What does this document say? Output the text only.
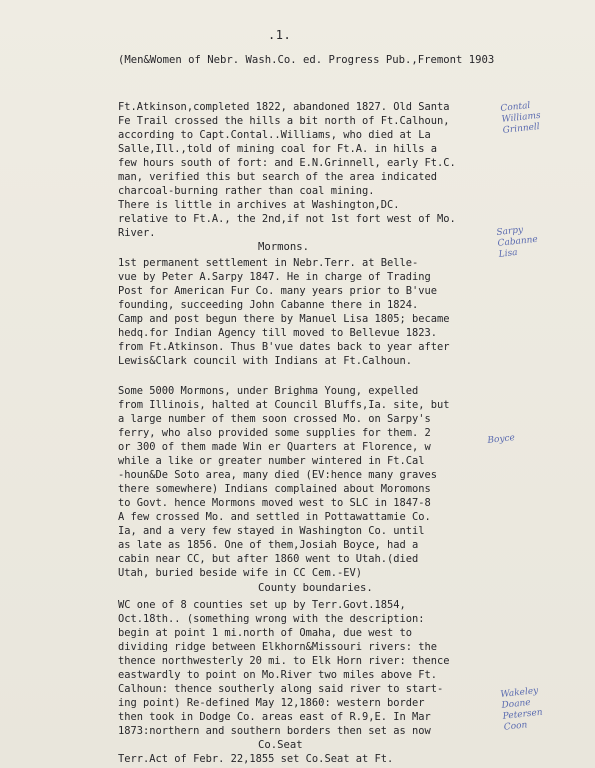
.1.
(Men&Women of Nebr. Wash.Co. ed. Progress Pub.,Fremont 1903
Ft.Atkinson,completed 1822, abandoned 1827. Old Santa
Fe Trail crossed the hills a bit north of Ft.Calhoun,
according to Capt.Contal..Williams, who died at La
Salle,Ill.,told of mining coal for Ft.A. in hills a
few hours south of fort: and E.N.Grinnell, early Ft.C.
man, verified this but search of the area indicated
charcoal-burning rather than coal mining.
There is little in archives at Washington,DC.
relative to Ft.A., the 2nd,if not 1st fort west of Mo.
River.
Mormons.
1st permanent settlement in Nebr.Terr. at Belle-
vue by Peter A.Sarpy 1847. He in charge of Trading
Post for American Fur Co. many years prior to B'vue
founding, succeeding John Cabanne there in 1824.
Camp and post begun there by Manuel Lisa 1805; became
hedq.for Indian Agency till moved to Bellevue 1823.
from Ft.Atkinson. Thus B'vue dates back to year after
Lewis&Clark council with Indians at Ft.Calhoun.
Some 5000 Mormons, under Brighma Young, expelled
from Illinois, halted at Council Bluffs,Ia. site, but
a large number of them soon crossed Mo. on Sarpy's
ferry, who also provided some supplies for them. 2
or 300 of them made Win er Quarters at Florence, w
while a like or greater number wintered in Ft.Cal
-houn&De Soto area, many died (EV:hence many graves
there somewhere) Indians complained about Moromons
to Govt. hence Mormons moved west to SLC in 1847-8
A few crossed Mo. and settled in Pottawattamie Co.
Ia, and a very few stayed in Washington Co. until
as late as 1856. One of them,Josiah Boyce, had a
cabin near CC, but after 1860 went to Utah.(died
Utah, buried beside wife in CC Cem.-EV)
County boundaries.
WC one of 8 counties set up by Terr.Govt.1854,
Oct.18th.. (something wrong with the description:
begin at point 1 mi.north of Omaha, due west to
dividing ridge between Elkhorn&Missouri rivers: the
thence northwesterly 20 mi. to Elk Horn river: thence
eastwardly to point on Mo.River two miles above Ft.
Calhoun: thence southerly along said river to start-
ing point) Re-defined May 12,1860: western border
then took in Dodge Co. areas east of R.9,E. In Mar
1873:northern and southern borders then set as now
Co.Seat
Terr.Act of Febr. 22,1855 set Co.Seat at Ft.
Contal
Williams
Grinnell
Sarpy
Cabanne
Lisa
Boyce
Wakeley
Doane
Petersen
Coon
